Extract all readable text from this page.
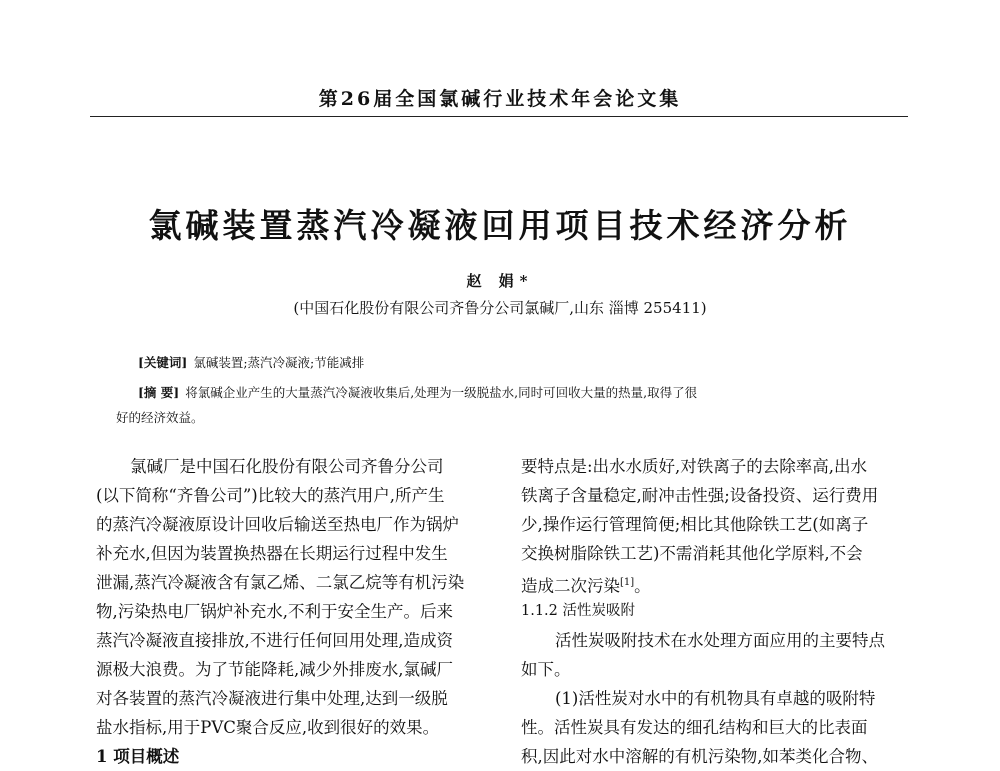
第26届全国氯碱行业技术年会论文集
氯碱装置蒸汽冷凝液回用项目技术经济分析
赵 娟*
(中国石化股份有限公司齐鲁分公司氯碱厂,山东 淄博 255411)
[关键词] 氯碱装置;蒸汽冷凝液;节能减排
[摘 要] 将氯碱企业产生的大量蒸汽冷凝液收集后,处理为一级脱盐水,同时可回收大量的热量,取得了很
好的经济效益。
氯碱厂是中国石化股份有限公司齐鲁分公司
(以下简称“齐鲁公司”)比较大的蒸汽用户,所产生
的蒸汽冷凝液原设计回收后输送至热电厂作为锅炉
补充水,但因为装置换热器在长期运行过程中发生
泄漏,蒸汽冷凝液含有氯乙烯、二氯乙烷等有机污染
物,污染热电厂锅炉补充水,不利于安全生产。后来
蒸汽冷凝液直接排放,不进行任何回用处理,造成资
源极大浪费。为了节能降耗,减少外排废水,氯碱厂
对各装置的蒸汽冷凝液进行集中处理,达到一级脱
盐水指标,用于PVC聚合反应,收到很好的效果。
1 项目概述
要特点是:出水水质好,对铁离子的去除率高,出水
铁离子含量稳定,耐冲击性强;设备投资、运行费用
少,操作运行管理简便;相比其他除铁工艺(如离子
交换树脂除铁工艺)不需消耗其他化学原料,不会
造成二次污染[1]。
1.1.2 活性炭吸附
活性炭吸附技术在水处理方面应用的主要特点
如下。
(1)活性炭对水中的有机物具有卓越的吸附特
性。活性炭具有发达的细孔结构和巨大的比表面
积,因此对水中溶解的有机污染物,如苯类化合物、
